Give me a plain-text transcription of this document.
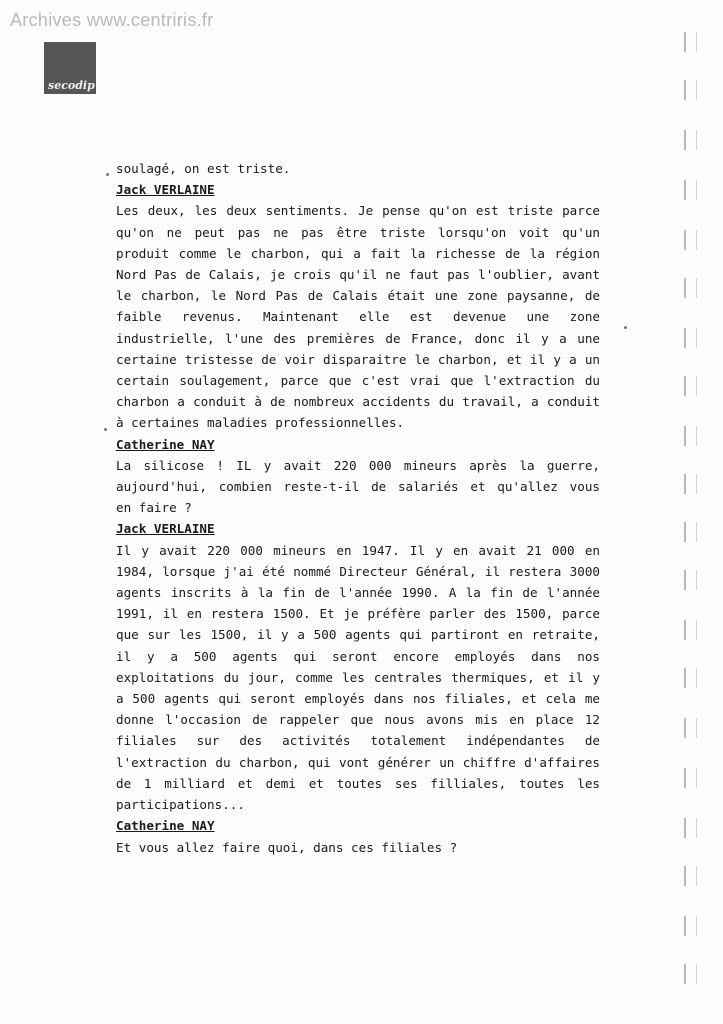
Archives www.centriris.fr
secodip

soulagé, on est triste.

Jack VERLAINE

Les deux, les deux sentiments. Je pense qu'on est triste parce

qu'on ne peut pas ne pas être triste lorsqu'on voit qu'un

produit comme le charbon, qui a fait la richesse de la région

Nord Pas de Calais, je crois qu'il ne faut pas l'oublier, avant

le charbon, le Nord Pas de Calais était une zone paysanne, de

faible revenus. Maintenant elle est devenue une zone

industrielle, l'une des premières de France, donc il y a une

certaine tristesse de voir disparaitre le charbon, et il y a un

certain soulagement, parce que c'est vrai que l'extraction du

charbon a conduit à de nombreux accidents du travail, a conduit

à certaines maladies professionnelles.

Catherine NAY

La silicose ! IL y avait 220 000 mineurs après la guerre,

aujourd'hui, combien reste-t-il de salariés et qu'allez vous

en faire ?

Jack VERLAINE

Il y avait 220 000 mineurs en 1947. Il y en avait 21 000 en

1984, lorsque j'ai été nommé Directeur Général, il restera 3000

agents inscrits à la fin de l'année 1990. A la fin de l'année

1991, il en restera 1500. Et je préfère parler des 1500, parce

que sur les 1500, il y a 500 agents qui partiront en retraite,

il y a 500 agents qui seront encore employés dans nos

exploitations du jour, comme les centrales thermiques, et il y

a 500 agents qui seront employés dans nos filiales, et cela me

donne l'occasion de rappeler que nous avons mis en place 12

filiales sur des activités totalement indépendantes de

l'extraction du charbon, qui vont générer un chiffre d'affaires

de 1 milliard et demi et toutes ses filliales, toutes les

participations...

Catherine NAY

Et vous allez faire quoi, dans ces filiales ?
